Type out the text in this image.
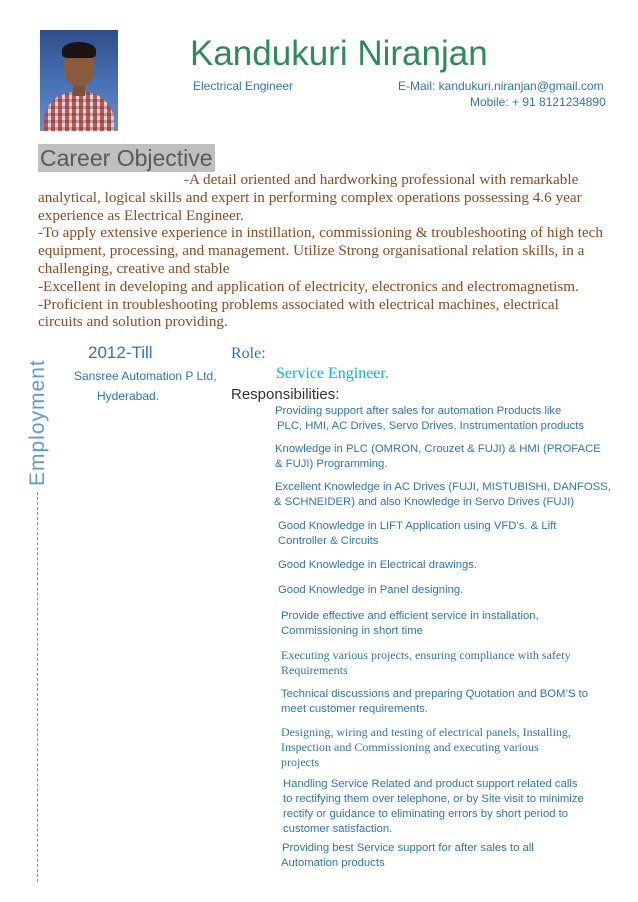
Kandukuri Niranjan
Electrical Engineer	E-Mail: kandukuri.niranjan@gmail.com
Mobile: + 91 8121234890
Career Objective
-A detail oriented and hardworking professional with remarkable
analytical, logical skills and expert in performing complex operations possessing 4.6 year
experience as Electrical Engineer.
-To apply extensive experience in instillation, commissioning & troubleshooting of high tech
equipment, processing, and management. Utilize Strong organisational relation skills, in a
challenging, creative and stable
-Excellent in developing and application of electricity, electronics and electromagnetism.
-Proficient in troubleshooting problems associated with electrical machines, electrical
circuits and solution providing.
Employment
2012-Till
Sansree Automation P Ltd,
Hyderabad.
Role:
Service Engineer.
Responsibilities:
Providing support after sales for automation Products like
PLC, HMI, AC Drives, Servo Drives, Instrumentation products
Knowledge in PLC (OMRON, Crouzet & FUJI) & HMI (PROFACE
& FUJI) Programming.
Excellent Knowledge in AC Drives (FUJI, MISTUBISHI, DANFOSS,
& SCHNEIDER) and also Knowledge in Servo Drives (FUJI)
Good Knowledge in LIFT Application using VFD’s. & Lift
Controller & Circuits
Good Knowledge in Electrical drawings.
Good Knowledge in Panel designing.
Provide effective and efficient service in installation,
Commissioning in short time
Executing various projects, ensuring compliance with safety
Requirements
Technical discussions and preparing Quotation and BOM’S to
meet customer requirements.
Designing, wiring and testing of electrical panels, Installing,
Inspection and Commissioning and executing various
projects
Handling Service Related and product support related calls
to rectifying them over telephone, or by Site visit to minimize
rectify or guidance to eliminating errors by short period to
customer satisfaction.
Providing best Service support for after sales to all
Automation products
